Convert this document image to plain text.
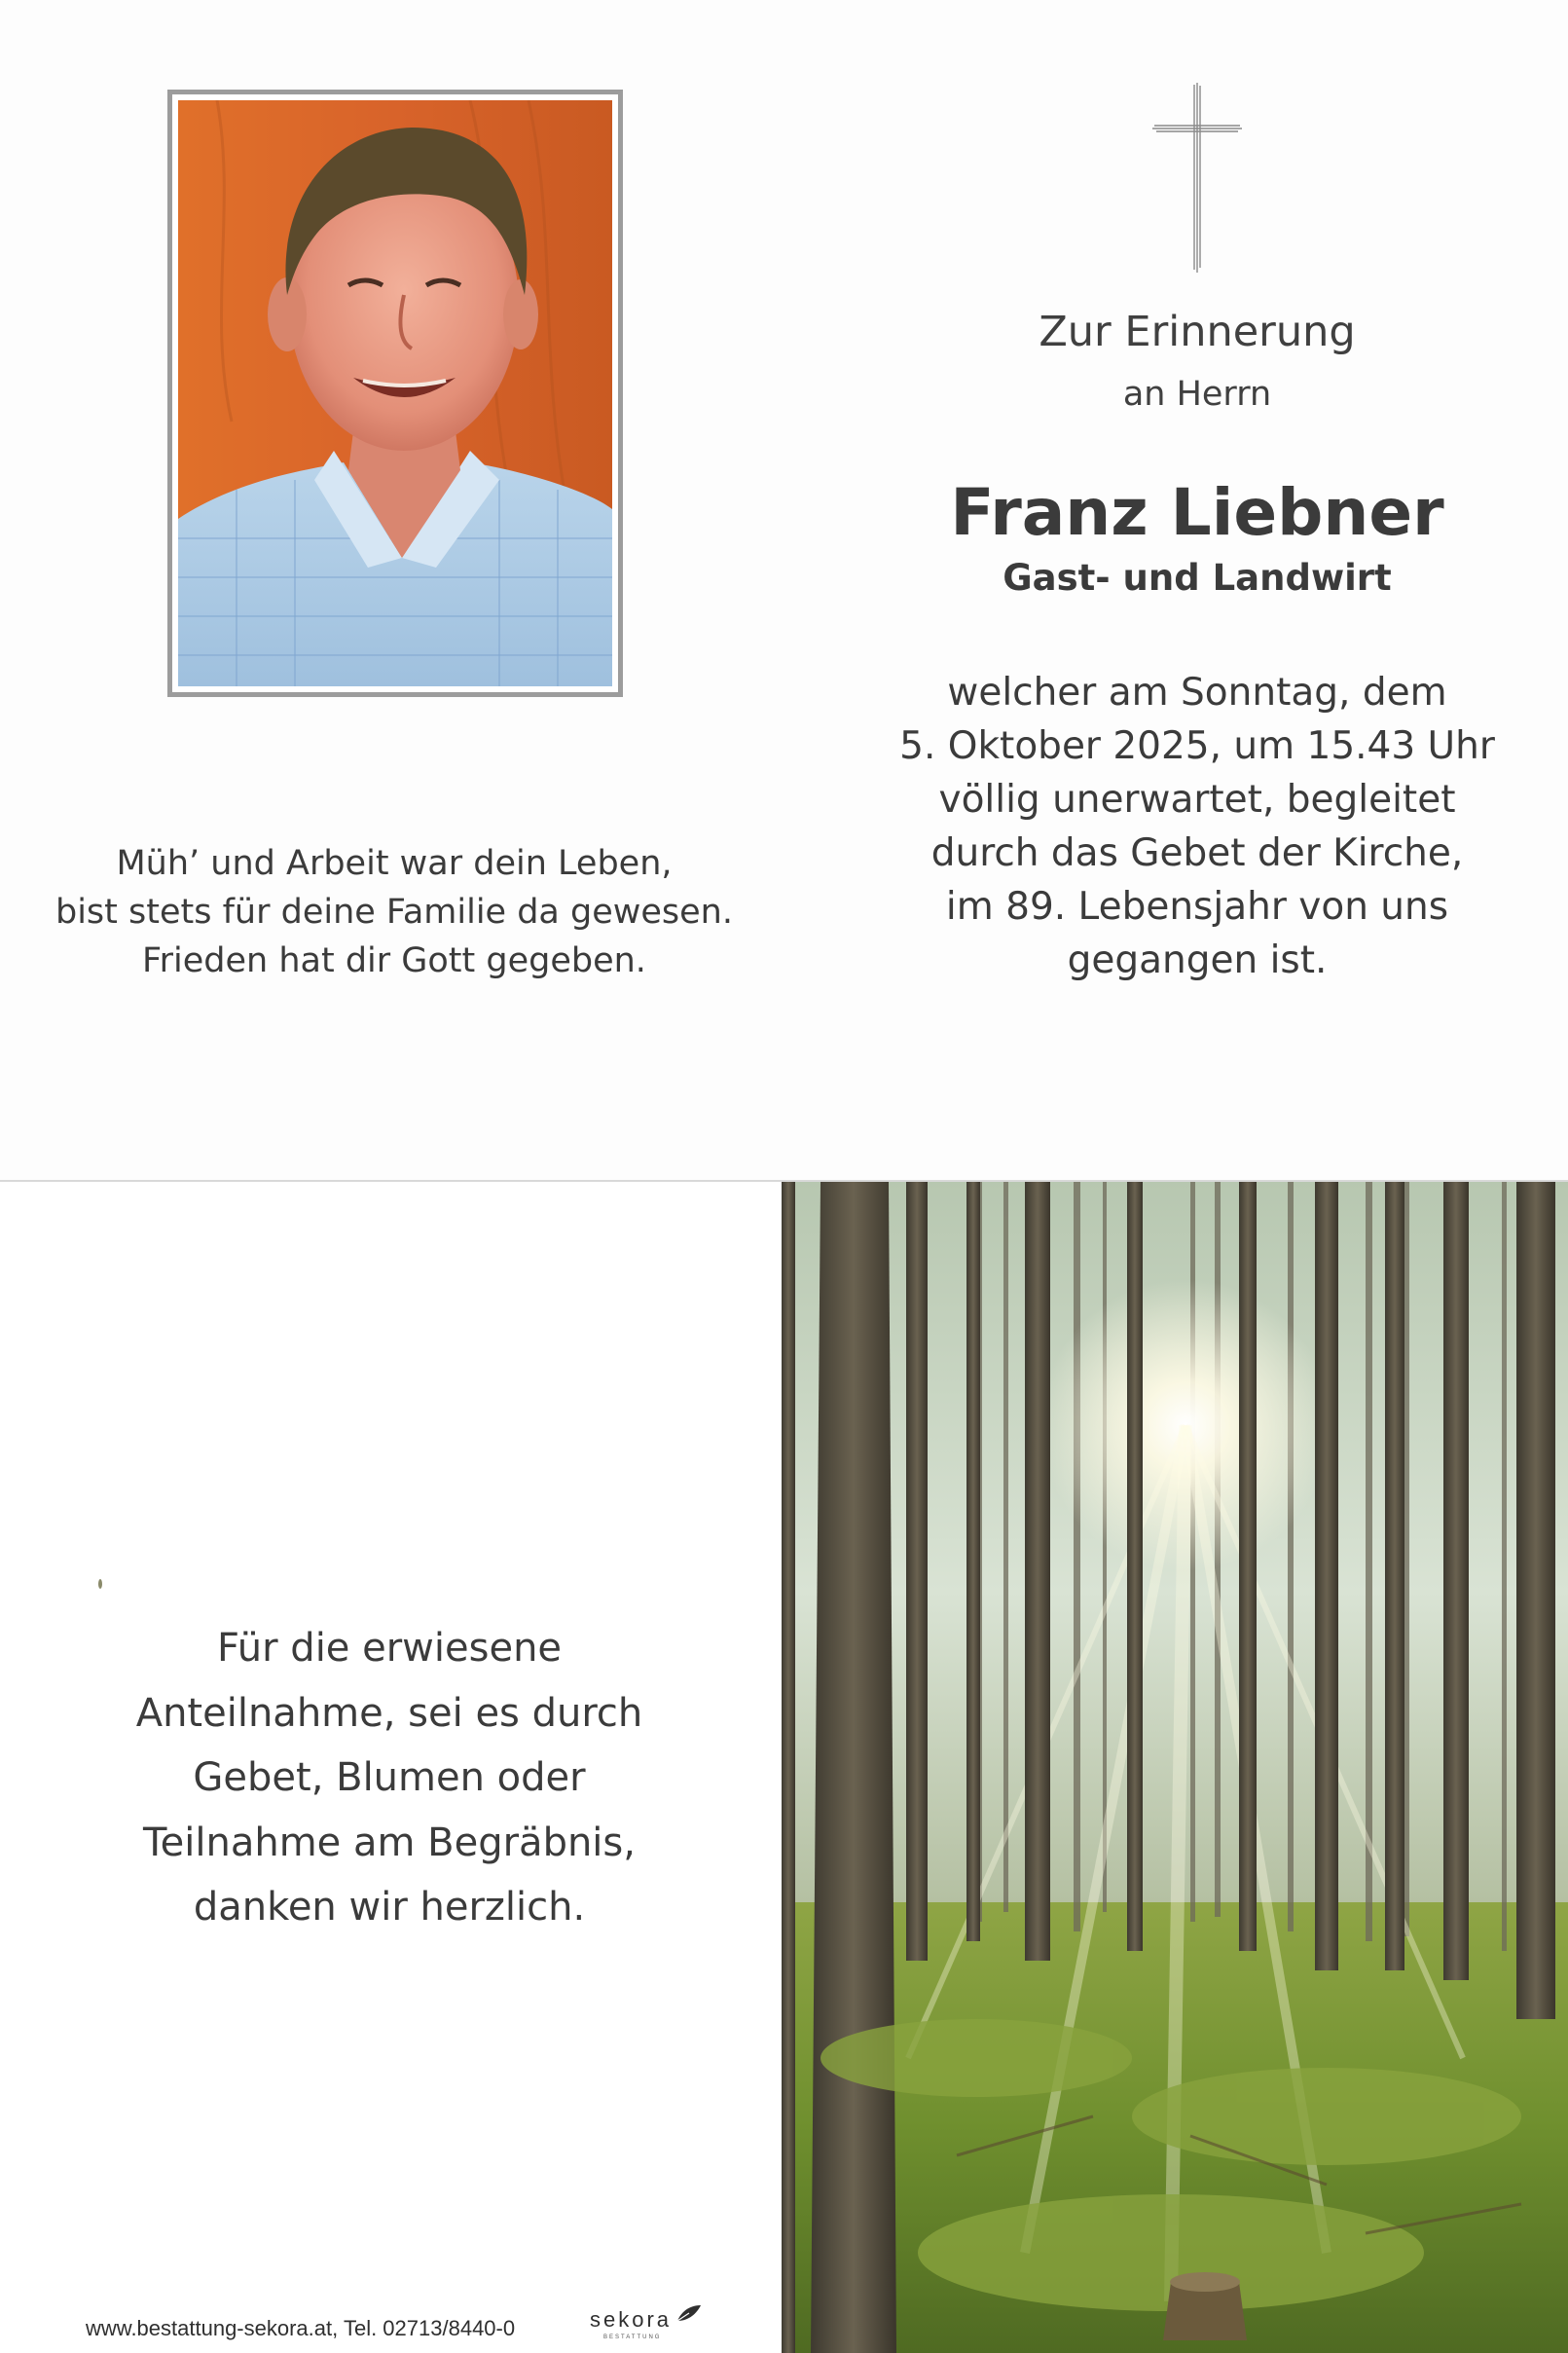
Zur Erinnerung
an Herrn
Franz Liebner
Gast- und Landwirt
welcher am Sonntag, dem
5. Oktober 2025, um 15.43 Uhr
völlig unerwartet, begleitet
durch das Gebet der Kirche,
im 89. Lebensjahr von uns
gegangen ist.
Müh’ und Arbeit war dein Leben,
bist stets für deine Familie da gewesen.
Frieden hat dir Gott gegeben.
Für die erwiesene
Anteilnahme, sei es durch
Gebet, Blumen oder
Teilnahme am Begräbnis,
danken wir herzlich.
www.bestattung-sekora.at, Tel. 02713/8440-0	sekora
BESTATTUNG
